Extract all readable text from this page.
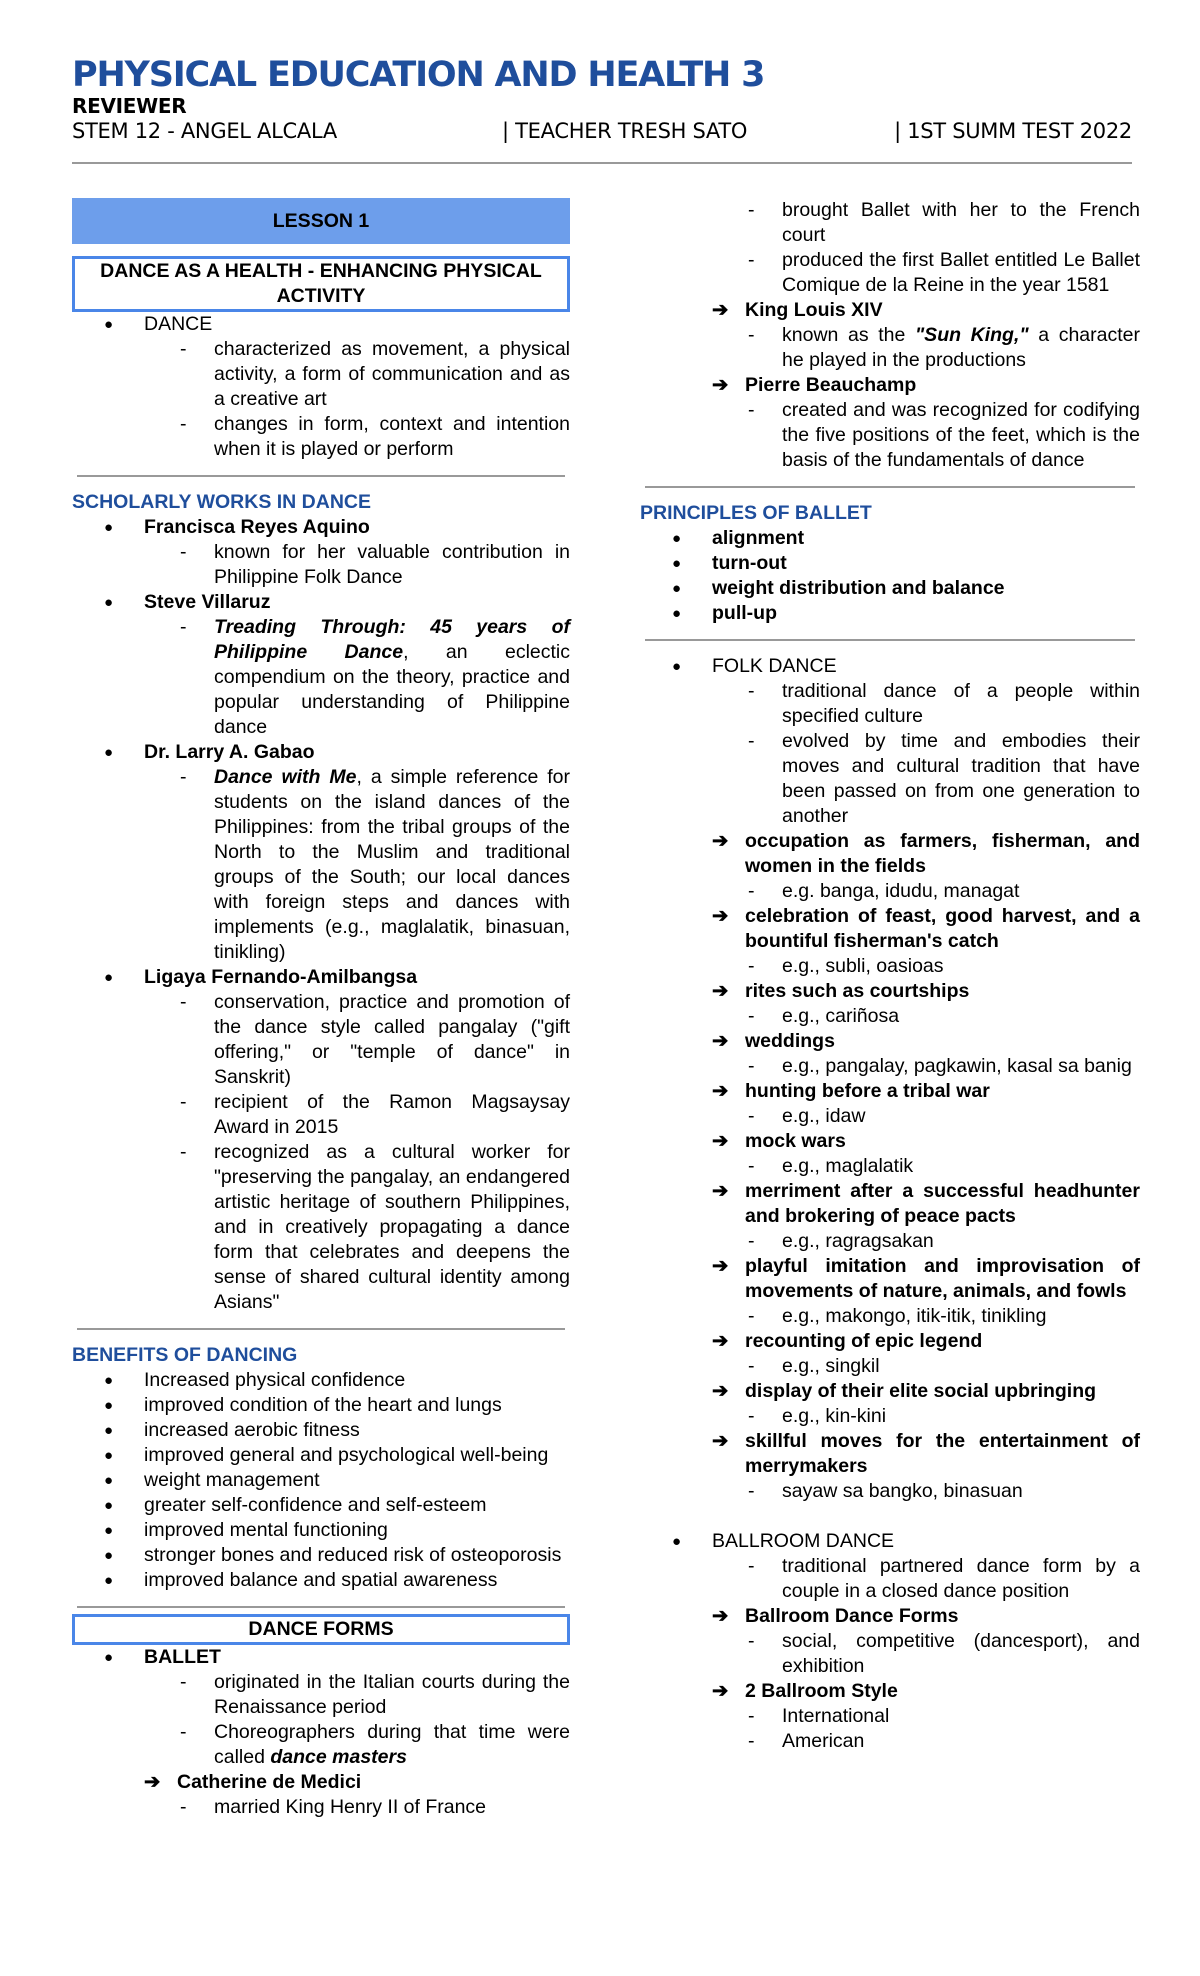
PHYSICAL EDUCATION AND HEALTH 3
REVIEWER
STEM 12 - ANGEL ALCALA	| TEACHER TRESH SATO	| 1ST SUMM TEST 2022
LESSON 1
DANCE AS A HEALTH - ENHANCING PHYSICAL ACTIVITY
● DANCE
- characterized as movement, a physical activity, a form of communication and as a creative art
- changes in form, context and intention when it is played or perform
SCHOLARLY WORKS IN DANCE
● Francisca Reyes Aquino
- known for her valuable contribution in Philippine Folk Dance
● Steve Villaruz
- Treading Through: 45 years of Philippine Dance, an eclectic compendium on the theory, practice and popular understanding of Philippine dance
● Dr. Larry A. Gabao
- Dance with Me, a simple reference for students on the island dances of the Philippines: from the tribal groups of the North to the Muslim and traditional groups of the South; our local dances with foreign steps and dances with implements (e.g., maglalatik, binasuan, tinikling)
● Ligaya Fernando-Amilbangsa
- conservation, practice and promotion of the dance style called pangalay ("gift offering," or "temple of dance" in Sanskrit)
- recipient of the Ramon Magsaysay Award in 2015
- recognized as a cultural worker for "preserving the pangalay, an endangered artistic heritage of southern Philippines, and in creatively propagating a dance form that celebrates and deepens the sense of shared cultural identity among Asians"
BENEFITS OF DANCING
● Increased physical confidence
● improved condition of the heart and lungs
● increased aerobic fitness
● improved general and psychological well-being
● weight management
● greater self-confidence and self-esteem
● improved mental functioning
● stronger bones and reduced risk of osteoporosis
● improved balance and spatial awareness
DANCE FORMS
● BALLET
- originated in the Italian courts during the Renaissance period
- Choreographers during that time were called dance masters
➔ Catherine de Medici
- married King Henry II of France
- brought Ballet with her to the French court
- produced the first Ballet entitled Le Ballet Comique de la Reine in the year 1581
➔ King Louis XIV
- known as the "Sun King," a character he played in the productions
➔ Pierre Beauchamp
- created and was recognized for codifying the five positions of the feet, which is the basis of the fundamentals of dance
PRINCIPLES OF BALLET
● alignment
● turn-out
● weight distribution and balance
● pull-up
● FOLK DANCE
- traditional dance of a people within specified culture
- evolved by time and embodies their moves and cultural tradition that have been passed on from one generation to another
➔ occupation as farmers, fisherman, and women in the fields
- e.g. banga, idudu, managat
➔ celebration of feast, good harvest, and a bountiful fisherman's catch
- e.g., subli, oasioas
➔ rites such as courtships
- e.g., cariñosa
➔ weddings
- e.g., pangalay, pagkawin, kasal sa banig
➔ hunting before a tribal war
- e.g., idaw
➔ mock wars
- e.g., maglalatik
➔ merriment after a successful headhunter and brokering of peace pacts
- e.g., ragragsakan
➔ playful imitation and improvisation of movements of nature, animals, and fowls
- e.g., makongo, itik-itik, tinikling
➔ recounting of epic legend
- e.g., singkil
➔ display of their elite social upbringing
- e.g., kin-kini
➔ skillful moves for the entertainment of merrymakers
- sayaw sa bangko, binasuan
● BALLROOM DANCE
- traditional partnered dance form by a couple in a closed dance position
➔ Ballroom Dance Forms
- social, competitive (dancesport), and exhibition
➔ 2 Ballroom Style
- International
- American
